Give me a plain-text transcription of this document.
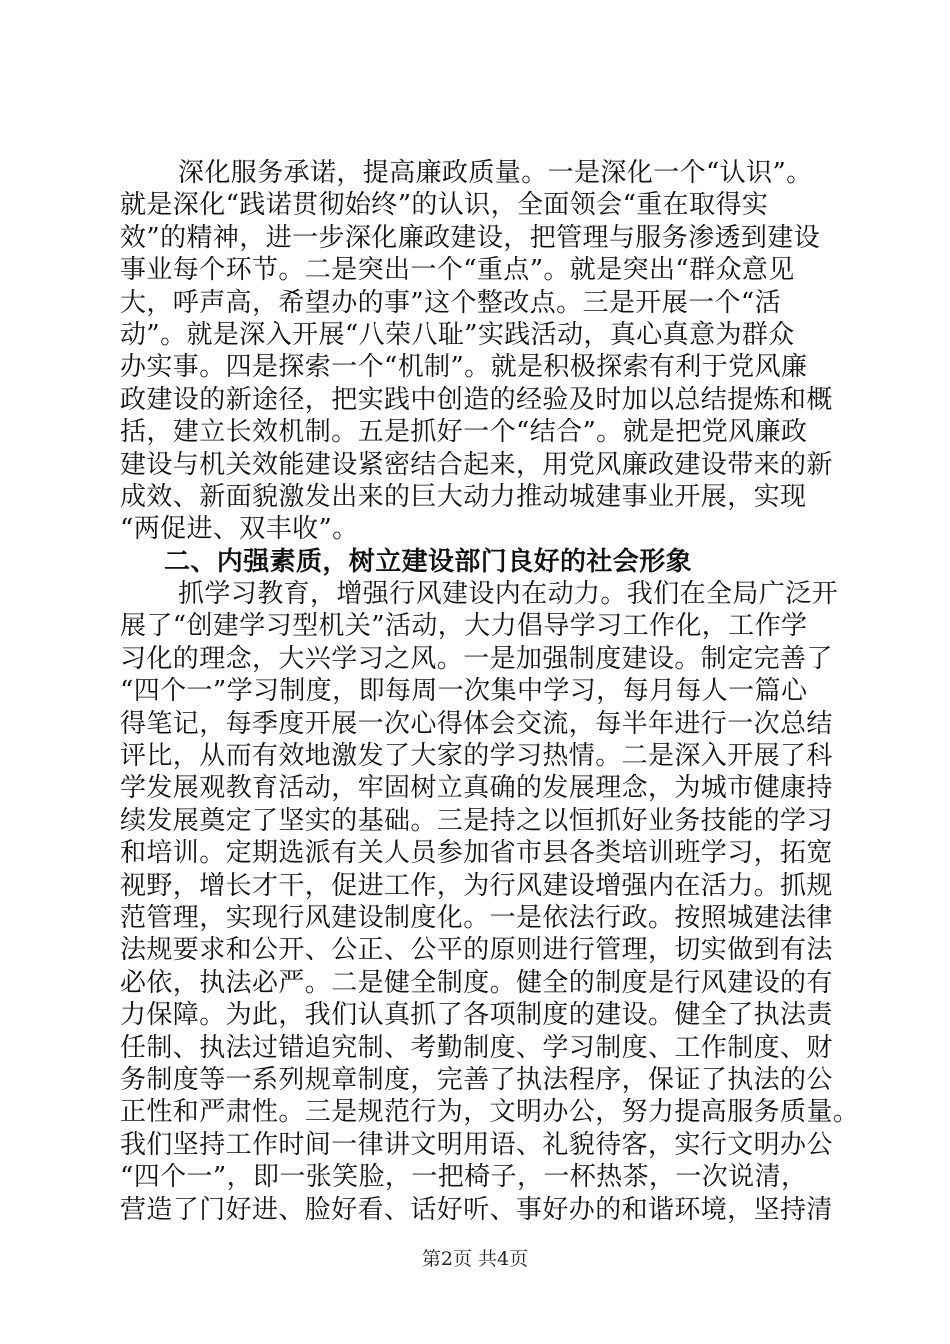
深化服务承诺，提高廉政质量。一是深化一个“认识”。
就是深化“践诺贯彻始终”的认识，全面领会“重在取得实
效”的精神，进一步深化廉政建设，把管理与服务渗透到建设
事业每个环节。二是突出一个“重点”。就是突出“群众意见
大，呼声高，希望办的事”这个整改点。三是开展一个“活
动”。就是深入开展“八荣八耻”实践活动，真心真意为群众
办实事。四是探索一个“机制”。就是积极探索有利于党风廉
政建设的新途径，把实践中创造的经验及时加以总结提炼和概
括，建立长效机制。五是抓好一个“结合”。就是把党风廉政
建设与机关效能建设紧密结合起来，用党风廉政建设带来的新
成效、新面貌激发出来的巨大动力推动城建事业开展，实现
“两促进、双丰收”。
二、内强素质，树立建设部门良好的社会形象
抓学习教育，增强行风建设内在动力。我们在全局广泛开
展了“创建学习型机关”活动，大力倡导学习工作化，工作学
习化的理念，大兴学习之风。一是加强制度建设。制定完善了
“四个一”学习制度，即每周一次集中学习，每月每人一篇心
得笔记，每季度开展一次心得体会交流，每半年进行一次总结
评比，从而有效地激发了大家的学习热情。二是深入开展了科
学发展观教育活动，牢固树立真确的发展理念，为城市健康持
续发展奠定了坚实的基础。三是持之以恒抓好业务技能的学习
和培训。定期选派有关人员参加省市县各类培训班学习，拓宽
视野，增长才干，促进工作，为行风建设增强内在活力。抓规
范管理，实现行风建设制度化。一是依法行政。按照城建法律
法规要求和公开、公正、公平的原则进行管理，切实做到有法
必依，执法必严。二是健全制度。健全的制度是行风建设的有
力保障。为此，我们认真抓了各项制度的建设。健全了执法责
任制、执法过错追究制、考勤制度、学习制度、工作制度、财
务制度等一系列规章制度，完善了执法程序，保证了执法的公
正性和严肃性。三是规范行为，文明办公，努力提高服务质量。
我们坚持工作时间一律讲文明用语、礼貌待客，实行文明办公
“四个一”，即一张笑脸，一把椅子，一杯热茶，一次说清，
营造了门好进、脸好看、话好听、事好办的和谐环境，坚持清
第2页 共4页
